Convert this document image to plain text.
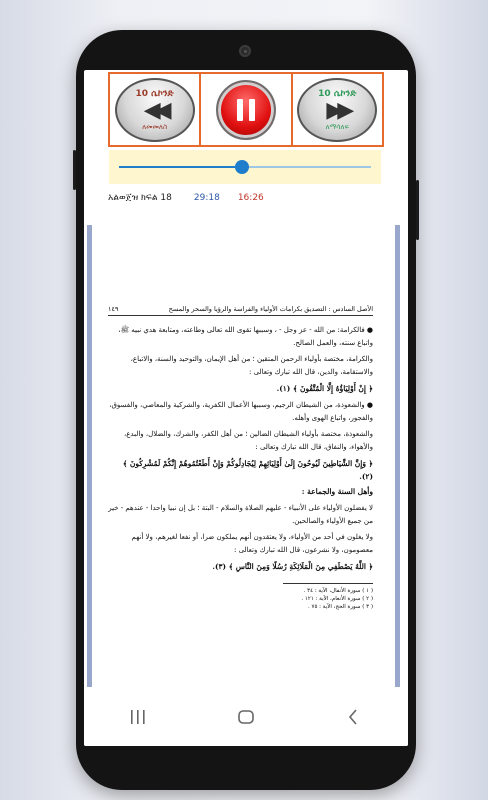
10 ሴኮንድ
◀◀
ለመመለስ
10 ሴኮንድ
▶▶
ለማሳለፍ
አልወጀዝ ክፍል 18 29:18 16:26
الأصل السادس : التصديق بكرامات الأولياء والفراسة والرؤيا والسحر والمسح
١٤٩

● فالكرامة: من الله - عز وجل - ، وسببها تقوى الله تعالى وطاعته، ومتابعة هدي نبيه ﷺ، واتباع سنته، والعمل الصالح.

والكرامة، مختصة بأولياء الرحمن المتقين ؛ من أهل الإيمان، والتوحيد والسنة، والاتباع، والاستقامة، والدين، قال الله تبارك وتعالى :

﴿ إِنْ أَوْلِيَاؤُهُ إِلَّا الْمُتَّقُونَ ﴾ (١).

● والشعوذة، من الشيطان الرجيم، وسببها الأعمال الكفرية، والشركية والمعاصي، والفسوق، والفجور، واتباع الهوى وأهله.

والشعوذة، مختصة بأولياء الشيطان الضالين ؛ من أهل الكفر، والشرك، والضلال، والبدع، والأهواء، والنفاق، قال الله تبارك وتعالى :

﴿ وَإِنَّ الشَّيَاطِينَ لَيُوحُونَ إِلَىٰ أَوْلِيَائِهِمْ لِيُجَادِلُوكُمْ وَإِنْ أَطَعْتُمُوهُمْ إِنَّكُمْ لَمُشْرِكُونَ ﴾ (٢).

وأهل السنة والجماعة :

لا يفضلون الأولياء على الأنبياء - عليهم الصلاة والسلام - البتة ؛ بل إن نبيا واحدا - عندهم - خير من جميع الأولياء والصالحين.

ولا يغلون في أحد من الأولياء، ولا يعتقدون أنهم يملكون ضرا، أو نفعا لغيرهم، ولا أنهم معصومون، ولا نشرعون، قال الله تبارك وتعالى :

﴿ اللَّهُ يَصْطَفِي مِنَ الْمَلَائِكَةِ رُسُلًا وَمِنَ النَّاسِ ﴾ (٣).

( ١ ) سورة الأنفال، الآية : ٣٤ .
( ٢ ) سورة الأنعام، الآية : ١٢١ .
( ٣ ) سورة الحج، الآية : ٧٥ .
